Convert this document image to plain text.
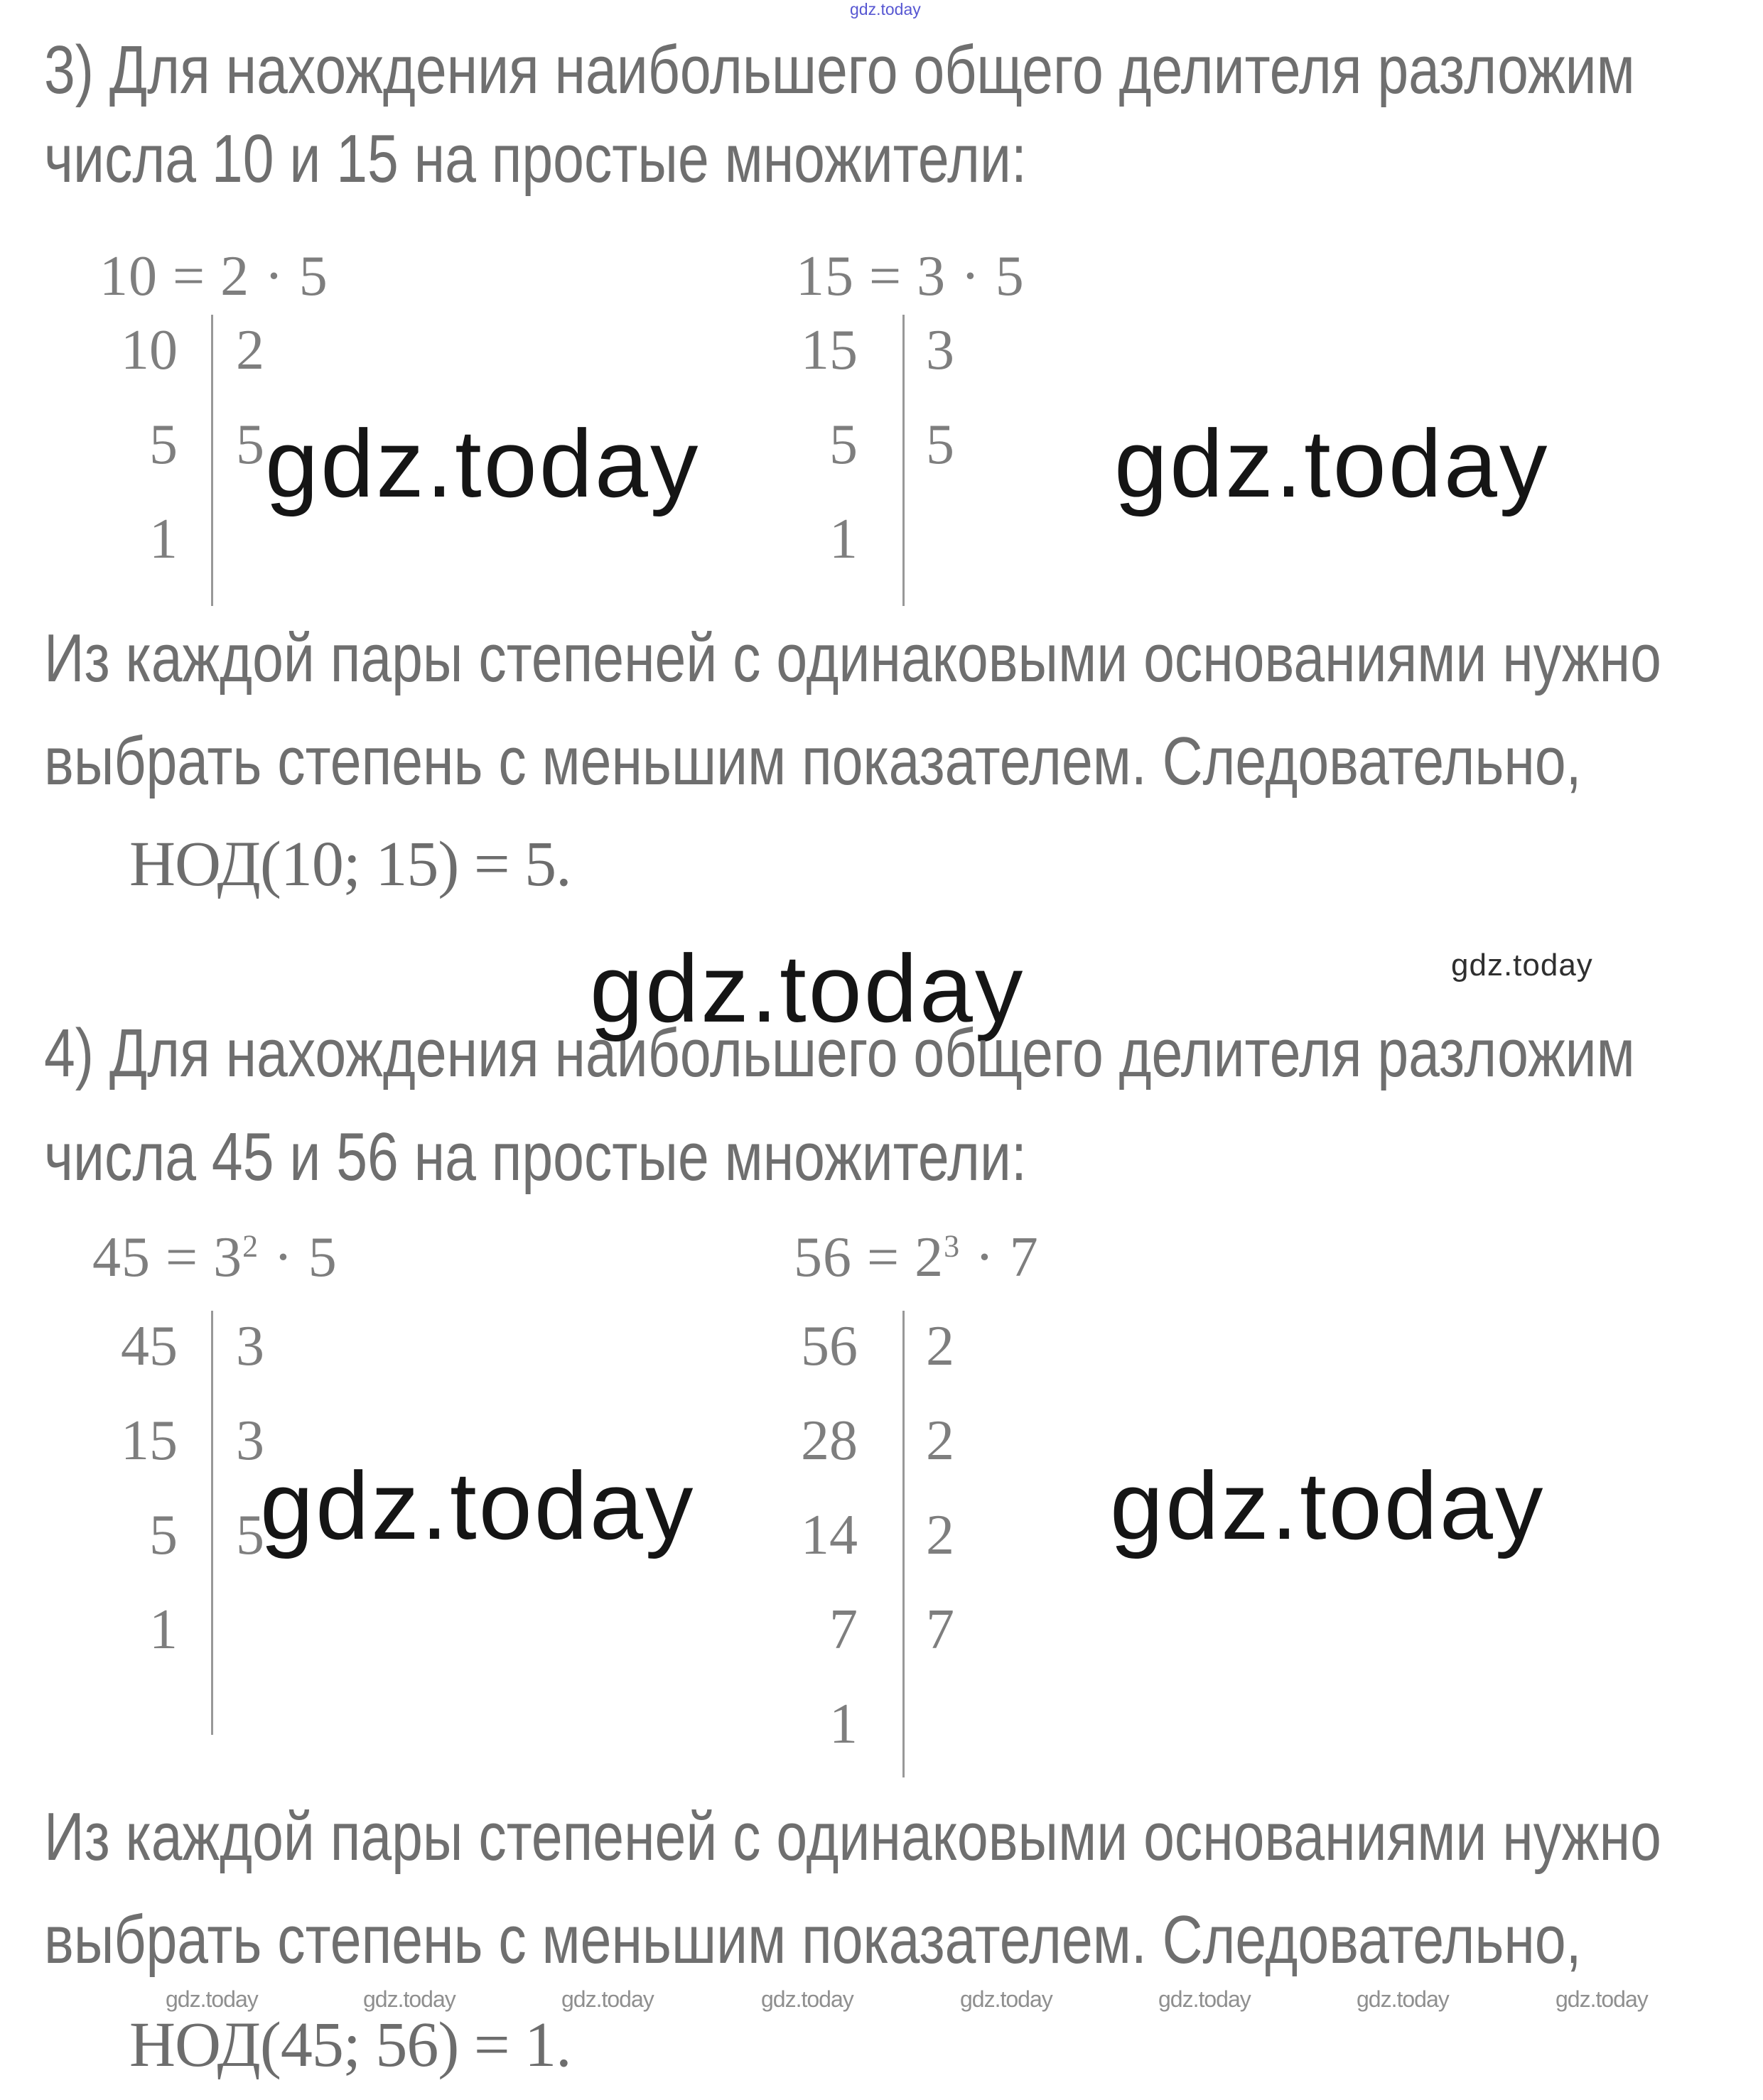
gdz.today
3) Для нахождения наибольшего общего делителя разложим
числа 10 и 15 на простые множители:
10 = 2 · 5	15 = 3 · 5
10 2
5 5
1
15 3
5 5
1
gdz.today	gdz.today
Из каждой пары степеней с одинаковыми основаниями нужно
выбрать степень с меньшим показателем. Следовательно,
НОД(10; 15) = 5.
gdz.today	gdz.today
4) Для нахождения наибольшего общего делителя разложим
числа 45 и 56 на простые множители:
$45 = 3^2 \cdot 5$	$56 = 2^3 \cdot 7$
45 3
15 3
5 5
1
56 2
28 2
14 2
7 7
1
gdz.today	gdz.today
Из каждой пары степеней с одинаковыми основаниями нужно
выбрать степень с меньшим показателем. Следовательно,
gdz.today	gdz.today	gdz.today	gdz.today	gdz.today	gdz.today	gdz.today	gdz.today
НОД(45; 56) = 1.
